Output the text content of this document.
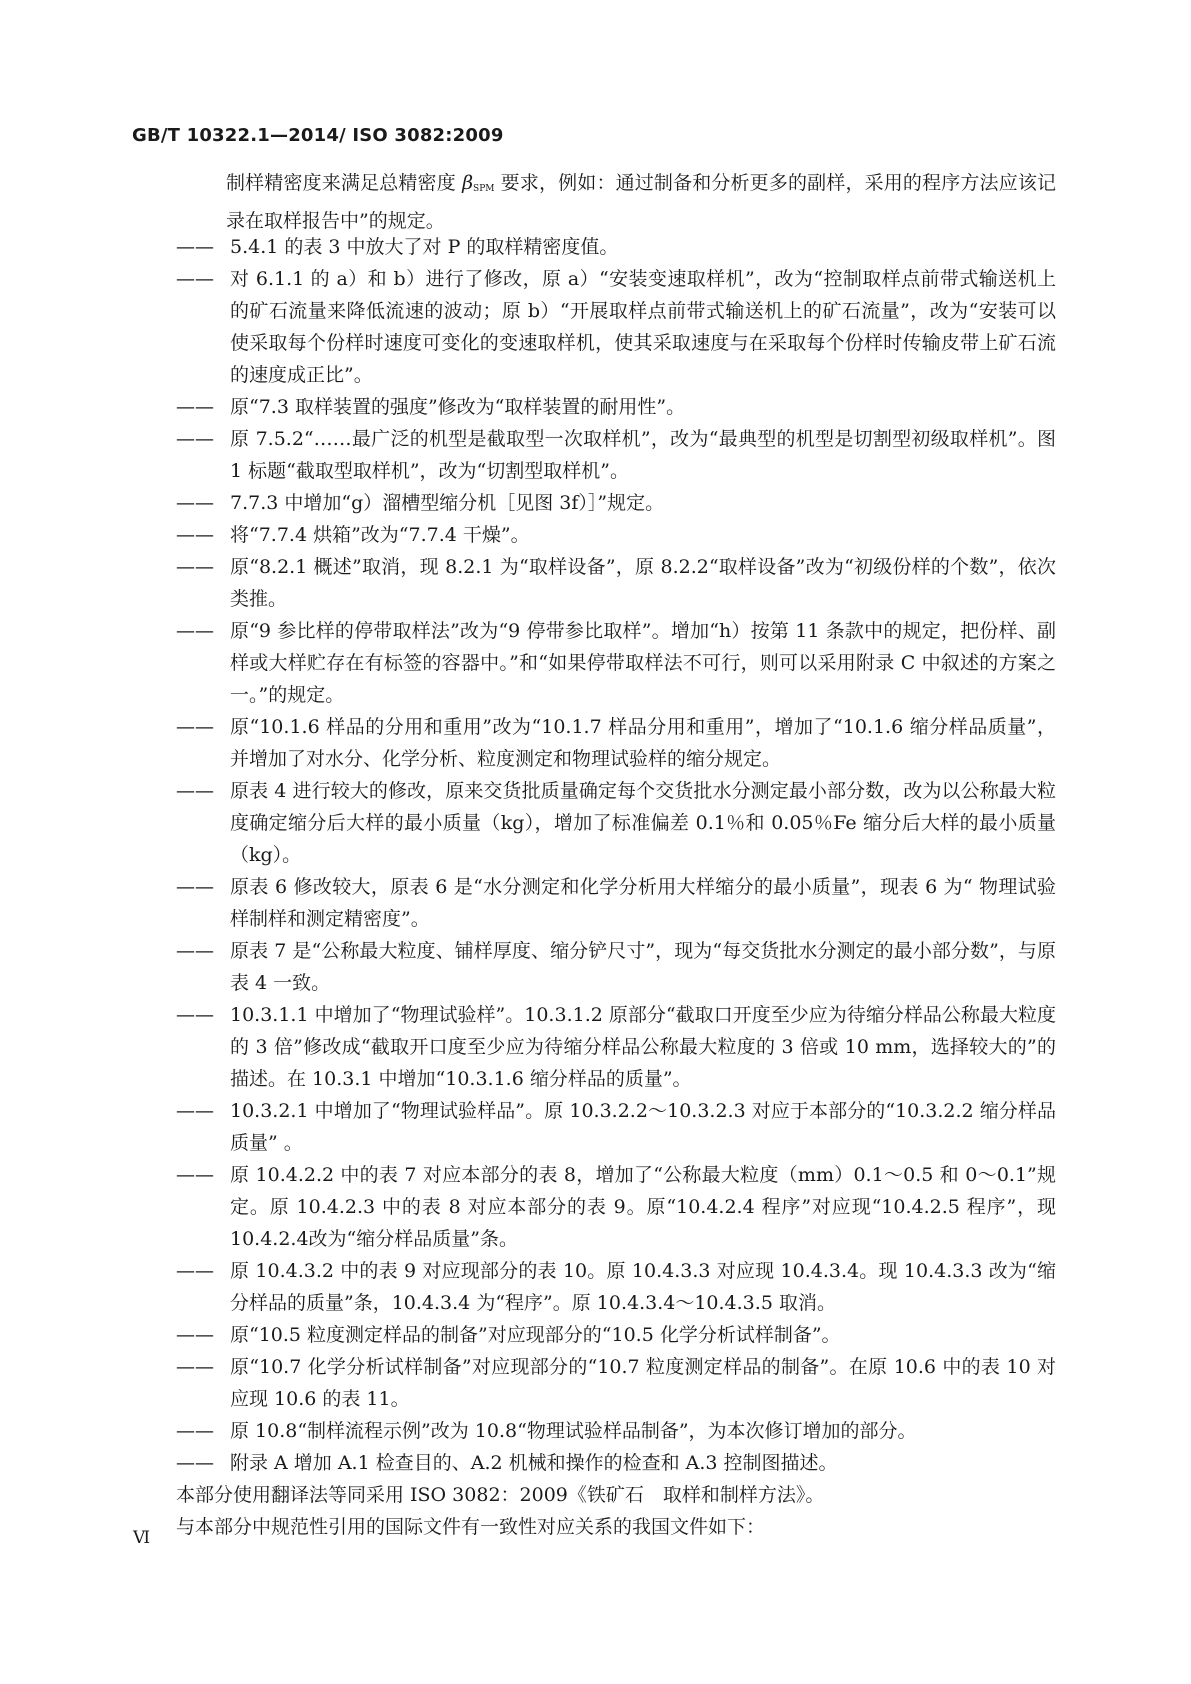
GB/T 10322.1—2014/ ISO 3082:2009
制样精密度来满足总精密度 $\beta_{SPM}$ 要求，例如：通过制备和分析更多的副样，采用的程序方法应该记录在取样报告中”的规定。
—— 5.4.1 的表 3 中放大了对 P 的取样精密度值。
—— 对 6.1.1 的 a）和 b）进行了修改，原 a）“安装变速取样机”，改为“控制取样点前带式输送机上的矿石流量来降低流速的波动；原 b）“开展取样点前带式输送机上的矿石流量”，改为“安装可以使采取每个份样时速度可变化的变速取样机，使其采取速度与在采取每个份样时传输皮带上矿石流的速度成正比”。
—— 原“7.3 取样装置的强度”修改为“取样装置的耐用性”。
—— 原 7.5.2“……最广泛的机型是截取型一次取样机”，改为“最典型的机型是切割型初级取样机”。图 1 标题“截取型取样机”，改为“切割型取样机”。
—— 7.7.3 中增加“g）溜槽型缩分机［见图 3f）］”规定。
—— 将“7.7.4 烘箱”改为“7.7.4 干燥”。
—— 原“8.2.1 概述”取消，现 8.2.1 为“取样设备”，原 8.2.2“取样设备”改为“初级份样的个数”，依次类推。
—— 原“9 参比样的停带取样法”改为“9 停带参比取样”。增加“h）按第 11 条款中的规定，把份样、副样或大样贮存在有标签的容器中。”和“如果停带取样法不可行，则可以采用附录 C 中叙述的方案之一。”的规定。
—— 原“10.1.6 样品的分用和重用”改为“10.1.7 样品分用和重用”，增加了“10.1.6 缩分样品质量”，并增加了对水分、化学分析、粒度测定和物理试验样的缩分规定。
—— 原表 4 进行较大的修改，原来交货批质量确定每个交货批水分测定最小部分数，改为以公称最大粒度确定缩分后大样的最小质量（kg），增加了标准偏差 0.1％和 0.05％Fe 缩分后大样的最小质量（kg）。
—— 原表 6 修改较大，原表 6 是“水分测定和化学分析用大样缩分的最小质量”，现表 6 为“ 物理试验样制样和测定精密度”。
—— 原表 7 是“公称最大粒度、铺样厚度、缩分铲尺寸”，现为“每交货批水分测定的最小部分数”，与原表 4 一致。
—— 10.3.1.1 中增加了“物理试验样”。10.3.1.2 原部分“截取口开度至少应为待缩分样品公称最大粒度的 3 倍”修改成“截取开口度至少应为待缩分样品公称最大粒度的 3 倍或 10 mm，选择较大的”的描述。在 10.3.1 中增加“10.3.1.6 缩分样品的质量”。
—— 10.3.2.1 中增加了“物理试验样品”。原 10.3.2.2～10.3.2.3 对应于本部分的“10.3.2.2 缩分样品质量” 。
—— 原 10.4.2.2 中的表 7 对应本部分的表 8，增加了“公称最大粒度（mm）0.1～0.5 和 0～0.1”规定。原 10.4.2.3 中的表 8 对应本部分的表 9。原“10.4.2.4 程序”对应现“10.4.2.5 程序”，现 10.4.2.4改为“缩分样品质量”条。
—— 原 10.4.3.2 中的表 9 对应现部分的表 10。原 10.4.3.3 对应现 10.4.3.4。现 10.4.3.3 改为“缩分样品的质量”条，10.4.3.4 为“程序”。原 10.4.3.4～10.4.3.5 取消。
—— 原“10.5 粒度测定样品的制备”对应现部分的“10.5 化学分析试样制备”。
—— 原“10.7 化学分析试样制备”对应现部分的“10.7 粒度测定样品的制备”。在原 10.6 中的表 10 对应现 10.6 的表 11。
—— 原 10.8“制样流程示例”改为 10.8“物理试验样品制备”，为本次修订增加的部分。
—— 附录 A 增加 A.1 检查目的、A.2 机械和操作的检查和 A.3 控制图描述。
本部分使用翻译法等同采用 ISO 3082：2009《铁矿石　取样和制样方法》。
与本部分中规范性引用的国际文件有一致性对应关系的我国文件如下：
Ⅵ
